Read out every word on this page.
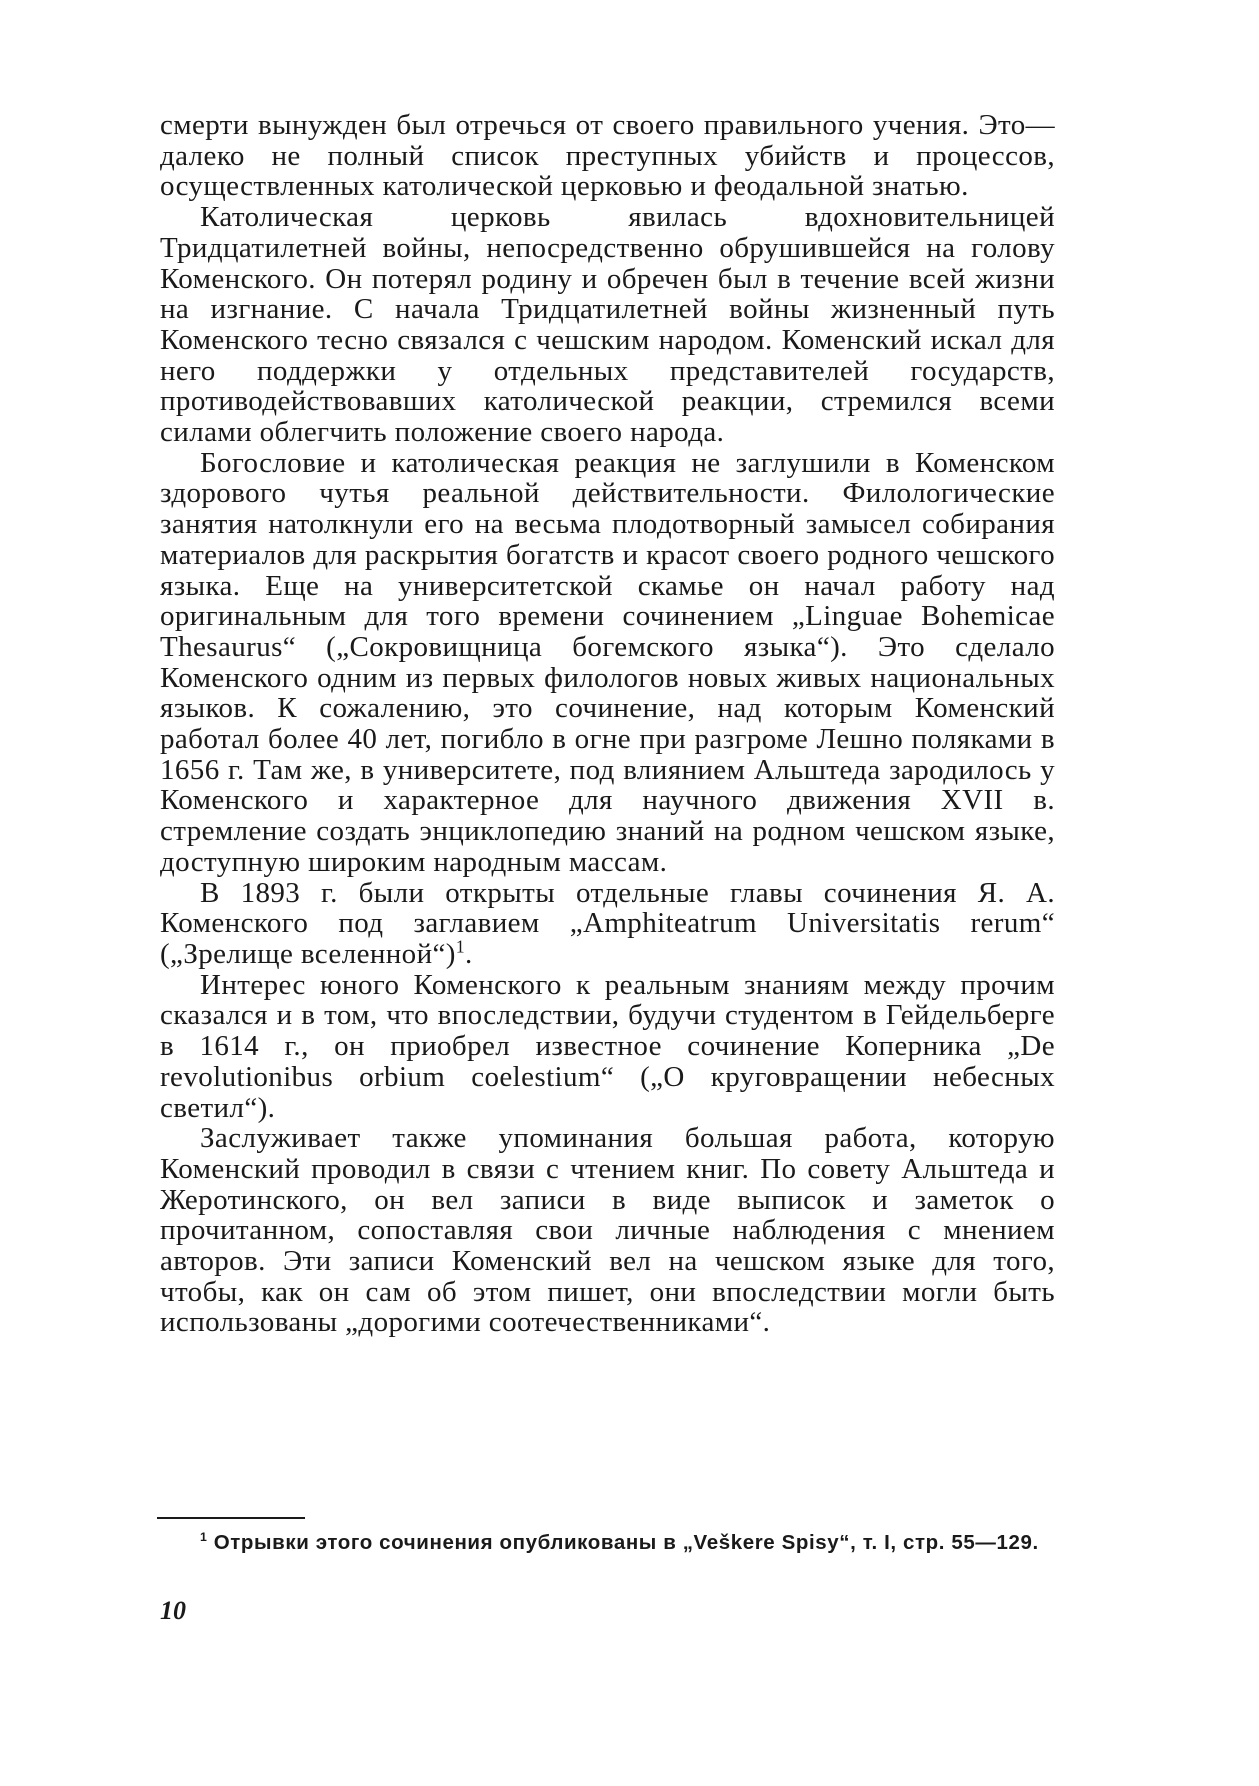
смерти вынужден был отречься от своего правильного учения. Это—далеко не полный список преступных убийств и процессов, осуществленных католической церковью и феодальной знатью.

Католическая церковь явилась вдохновительницей Тридцатилетней войны, непосредственно обрушившейся на голову Коменского. Он потерял родину и обречен был в течение всей жизни на изгнание. С начала Тридцатилетней войны жизненный путь Коменского тесно связался с чешским народом. Коменский искал для него поддержки у отдельных представителей государств, противодействовавших католической реакции, стремился всеми силами облегчить положение своего народа.

Богословие и католическая реакция не заглушили в Коменском здорового чутья реальной действительности. Филологические занятия натолкнули его на весьма плодотворный замысел собирания материалов для раскрытия богатств и красот своего родного чешского языка. Еще на университетской скамье он начал работу над оригинальным для того времени сочинением „Linguae Bohemicae Thesaurus“ („Сокровищница богемского языка“). Это сделало Коменского одним из первых филологов новых живых национальных языков. К сожалению, это сочинение, над которым Коменский работал более 40 лет, погибло в огне при разгроме Лешно поляками в 1656 г. Там же, в университете, под влиянием Альштеда зародилось у Коменского и характерное для научного движения XVII в. стремление создать энциклопедию знаний на родном чешском языке, доступную широким народным массам.

В 1893 г. были открыты отдельные главы сочинения Я. А. Коменского под заглавием „Amphiteatrum Universitatis rerum“ („Зрелище вселенной“)$^1$.

Интерес юного Коменского к реальным знаниям между прочим сказался и в том, что впоследствии, будучи студентом в Гейдельберге в 1614 г., он приобрел известное сочинение Коперника „De revolutionibus orbium coelestium“ („О круговращении небесных светил“).

Заслуживает также упоминания большая работа, которую Коменский проводил в связи с чтением книг. По совету Альштеда и Жеротинского, он вел записи в виде выписок и заметок о прочитанном, сопоставляя свои личные наблюдения с мнением авторов. Эти записи Коменский вел на чешском языке для того, чтобы, как он сам об этом пишет, они впоследствии могли быть использованы „дорогими соотечественниками“.

$^1$ Отрывки этого сочинения опубликованы в „Veškere Spisy“, т. I, стр. 55—129.
10
